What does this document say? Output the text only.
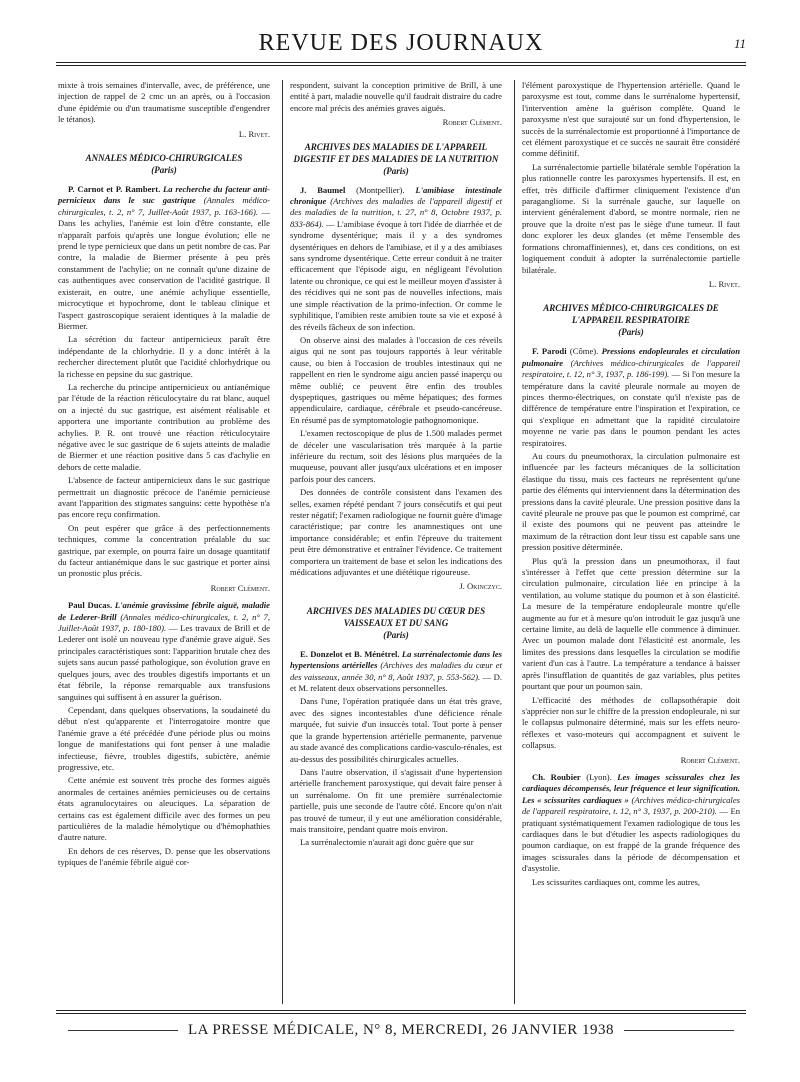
REVUE DES JOURNAUX	11

mixte à trois semaines d'intervalle, avec, de préférence, une injection de rappel de 2 cmc un an après, ou à l'occasion d'une épidémie ou d'un traumatisme susceptible d'engendrer le tétanos).

L. Rivet.

ANNALES MÉDICO-CHIRURGICALES
(Paris)

P. Carnot et P. Rambert. La recherche du facteur anti-pernicieux dans le suc gastrique (Annales médico-chirurgicales, t. 2, n° 7, Juillet-Août 1937, p. 163-166). — Dans les achylies, l'anémie est loin d'être constante, elle n'apparaît parfois qu'après une longue évolution; elle ne prend le type pernicieux que dans un petit nombre de cas. Par contre, la maladie de Biermer présente à peu près constamment de l'achylie; on ne connaît qu'une dizaine de cas authentiques avec conservation de l'acidité gastrique. Il existerait, en outre, une anémie achylique essentielle, microcytique et hypochrome, dont le tableau clinique et l'aspect gastroscopique seraient identiques à la maladie de Biermer.

La sécrétion du facteur antipernicieux paraît être indépendante de la chlorhydrie. Il y a donc intérêt à la rechercher directement plutôt que l'acidité chlorhydrique ou la richesse en pepsine du suc gastrique.

La recherche du principe antipernicieux ou antianémique par l'étude de la réaction réticulocytaire du rat blanc, auquel on a injecté du suc gastrique, est aisément réalisable et apportera une importante contribution au problème des achylies. P. R. ont trouvé une réaction réticulocytaire négative avec le suc gastrique de 6 sujets atteints de maladie de Biermer et une réaction positive dans 5 cas d'achylie en dehors de cette maladie.

L'absence de facteur antipernicieux dans le suc gastrique permettrait un diagnostic précoce de l'anémie pernicieuse avant l'apparition des stigmates sanguins: cette hypothèse n'a pas encore reçu confirmation.

On peut espérer que grâce à des perfectionnements techniques, comme la concentration préalable du suc gastrique, par exemple, on pourra faire un dosage quantitatif du facteur antianémique dans le suc gastrique et porter ainsi un pronostic plus précis.

Robert Clément.

Paul Ducas. L'anémie gravissime fébrile aiguë, maladie de Lederer-Brill (Annales médico-chirurgicales, t. 2, n° 7, Juillet-Août 1937, p. 180-180). — Les travaux de Brill et de Lederer ont isolé un nouveau type d'anémie grave aiguë. Ses principales caractéristiques sont: l'apparition brutale chez des sujets sans aucun passé pathologique, son évolution grave en quelques jours, avec des troubles digestifs importants et un état fébrile, la réponse remarquable aux transfusions sanguines qui suffisent à en assurer la guérison.

Cependant, dans quelques observations, la soudaineté du début n'est qu'apparente et l'interrogatoire montre que l'anémie grave a été précédée d'une période plus ou moins longue de manifestations qui font penser à une maladie infectieuse, fièvre, troubles digestifs, subictère, anémie progressive, etc.

Cette anémie est souvent très proche des formes aiguës anormales de certaines anémies pernicieuses ou de certains états agranulocytaires ou aleuciques. La séparation de certains cas est également difficile avec des formes un peu particulières de la maladie hémolytique ou d'hémophathies d'autre nature.

En dehors de ces réserves, D. pense que les observations typiques de l'anémie fébrile aiguë cor-

respondent, suivant la conception primitive de Brill, à une entité à part, maladie nouvelle qu'il faudrait distraire du cadre encore mal précis des anémies graves aiguës.

Robert Clément.

ARCHIVES DES MALADIES DE L'APPAREIL DIGESTIF ET DES MALADIES DE LA NUTRITION
(Paris)

J. Baumel (Montpellier). L'amibiase intestinale chronique (Archives des maladies de l'appareil digestif et des maladies de la nutrition, t. 27, n° 8, Octobre 1937, p. 833-864). — L'amibiase évoque à tort l'idée de diarrhée et de syndrome dysentérique; mais il y a des syndromes dysentériques en dehors de l'amibiase, et il y a des amibiases sans syndrome dysentérique. Cette erreur conduit à ne traiter efficacement que l'épisode aigu, en négligeant l'évolution latente ou chronique, ce qui est le meilleur moyen d'assister à des récidives qui ne sont pas de nouvelles infections, mais une simple réactivation de la primo-infection. Or comme le syphilitique, l'amibien reste amibien toute sa vie et exposé à des réveils fâcheux de son infection.

On observe ainsi des malades à l'occasion de ces réveils aigus qui ne sont pas toujours rapportés à leur véritable cause, ou bien à l'occasion de troubles intestinaux qui ne rappellent en rien le syndrome aigu ancien passé inaperçu ou même oublié; ce peuvent être enfin des troubles dyspeptiques, gastriques ou même hépatiques; des formes appendiculaire, cardiaque, cérébrale et pseudo-cancéreuse. En résumé pas de symptomatologie pathognomonique.

L'examen rectoscopique de plus de 1.500 malades permet de déceler une vascularisation très marquée à la partie inférieure du rectum, soit des lésions plus marquées de la muqueuse, pouvant aller jusqu'aux ulcérations et en imposer parfois pour des cancers.

Des données de contrôle consistent dans l'examen des selles, examen répété pendant 7 jours consécutifs et qui peut rester négatif; l'examen radiologique ne fournit guère d'image caractéristique; par contre les anamnestiques ont une importance considérable; et enfin l'épreuve du traitement peut être démonstrative et entraîner l'évidence. Ce traitement comportera un traitement de base et selon les indications des médications adjuvantes et une diététique rigoureuse.

J. Okinczyc.

ARCHIVES DES MALADIES DU CŒUR DES VAISSEAUX ET DU SANG
(Paris)

E. Donzelot et B. Ménétrel. La surrénalectomie dans les hypertensions artérielles (Archives des maladies du cœur et des vaisseaux, année 30, n° 8, Août 1937, p. 553-562). — D. et M. relatent deux observations personnelles.

Dans l'une, l'opération pratiquée dans un état très grave, avec des signes incontestables d'une déficience rénale marquée, fut suivie d'un insuccès total. Tout porte à penser que la grande hypertension artérielle permanente, parvenue au stade avancé des complications cardio-vasculo-rénales, est au-dessus des possibilités chirurgicales actuelles.

Dans l'autre observation, il s'agissait d'une hypertension artérielle franchement paroxystique, qui devait faire penser à un surrénalome. On fit une première surrénalectomie partielle, puis une seconde de l'autre côté. Encore qu'on n'ait pas trouvé de tumeur, il y eut une amélioration considérable, mais transitoire, pendant quatre mois environ.

La surrénalectomie n'aurait agi donc guère que sur

l'élément paroxystique de l'hypertension artérielle. Quand le paroxysme est tout, comme dans le surrénalome hypertensif, l'intervention amène la guérison complète. Quand le paroxysme n'est que surajouté sur un fond d'hypertension, le succès de la surrénalectomie est proportionné à l'importance de cet élément paroxystique et ce succès ne saurait être considéré comme définitif.

La surrénalectomie partielle bilatérale semble l'opération la plus rationnelle contre les paroxysmes hypertensifs. Il est, en effet, très difficile d'affirmer cliniquement l'existence d'un paragangliome. Si la surrénale gauche, sur laquelle on intervient généralement d'abord, se montre normale, rien ne prouve que la droite n'est pas le siège d'une tumeur. Il faut donc explorer les deux glandes (et même l'ensemble des formations chromaffiniennes), et, dans ces conditions, on est logiquement conduit à adopter la surrénalectomie partielle bilatérale.

L. Rivet.

ARCHIVES MÉDICO-CHIRURGICALES DE L'APPAREIL RESPIRATOIRE
(Paris)

F. Parodi (Côme). Pressions endopleurales et circulation pulmonaire (Archives médico-chirurgicales de l'appareil respiratoire, t. 12, n° 3, 1937, p. 186-199). — Si l'on mesure la température dans la cavité pleurale normale au moyen de pinces thermo-électriques, on constate qu'il n'existe pas de différence de température entre l'inspiration et l'expiration, ce qui s'explique en admettant que la rapidité circulatoire moyenne ne varie pas dans le poumon pendant les actes respiratoires.

Au cours du pneumothorax, la circulation pulmonaire est influencée par les facteurs mécaniques de la sollicitation élastique du tissu, mais ces facteurs ne représentent qu'une partie des éléments qui interviennent dans la détermination des pressions dans la cavité pleurale. Une pression positive dans la cavité pleurale ne prouve pas que le poumon est comprimé, car il existe des poumons qui ne peuvent pas atteindre le maximum de la rétraction dont leur tissu est capable sans une pression positive déterminée.

Plus qu'à la pression dans un pneumothorax, il faut s'intéresser à l'effet que cette pression détermine sur la circulation pulmonaire, circulation liée en principe à la ventilation, au volume statique du poumon et à son élasticité. La mesure de la température endopleurale montre qu'elle augmente au fur et à mesure qu'on introduit le gaz jusqu'à une certaine limite, au delà de laquelle elle commence à diminuer. Avec un poumon malade dont l'élasticité est anormale, les limites des pressions dans lesquelles la circulation se modifie varient d'un cas à l'autre. La température a tendance à baisser après l'insufflation de quantités de gaz variables, plus petites pourtant que pour un poumon sain.

L'efficacité des méthodes de collapsothérapie doit s'apprécier non sur le chiffre de la pression endopleurale, ni sur le collapsus pulmonaire déterminé, mais sur les effets neuro-réflexes et vaso-moteurs qui accompagnent et suivent le collapsus.

Robert Clément.

Ch. Roubier (Lyon). Les images scissurales chez les cardiaques décompensés, leur fréquence et leur signification. Les « scissurites cardiaques » (Archives médico-chirurgicales de l'appareil respiratoire, t. 12, n° 3, 1937, p. 200-210). — En pratiquant systématiquement l'examen radiologique de tous les cardiaques dans le but d'étudier les aspects radiologiques du poumon cardiaque, on est frappé de la grande fréquence des images scissurales dans la période de décompensation et d'asystolie.

Les scissurites cardiaques ont, comme les autres,

LA PRESSE MÉDICALE, N° 8, MERCREDI, 26 JANVIER 1938
